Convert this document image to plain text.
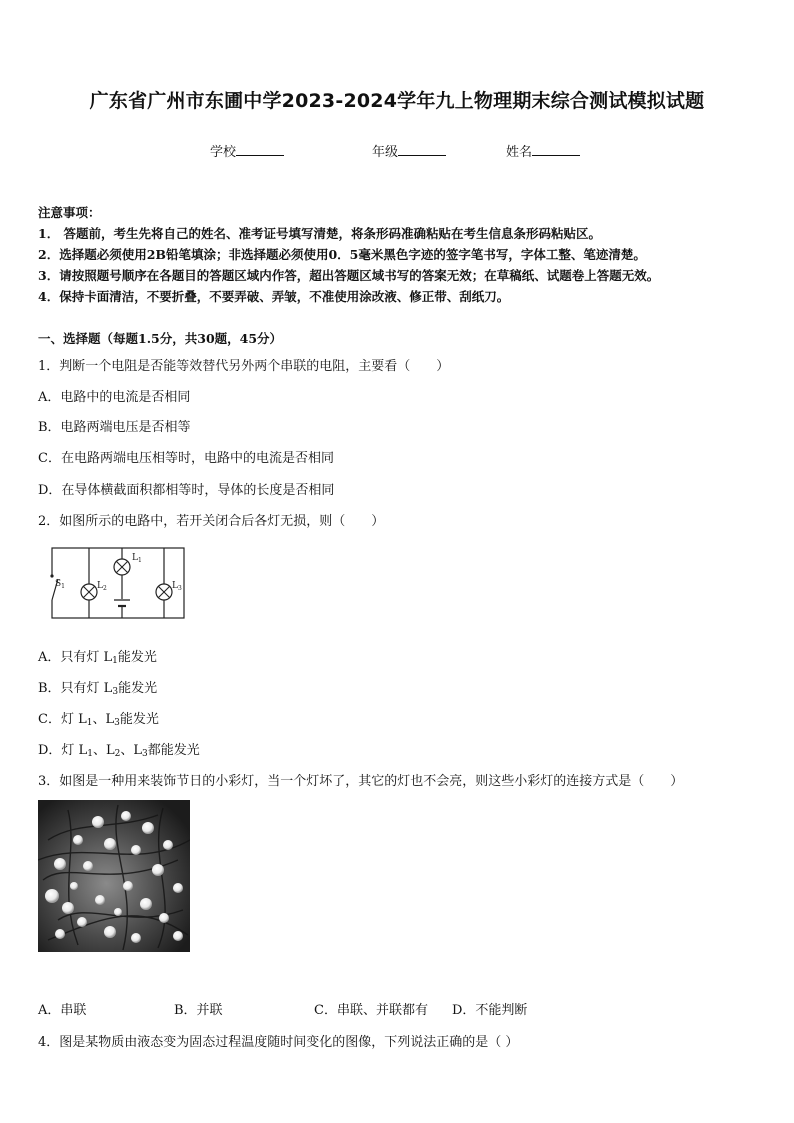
广东省广州市东圃中学2023-2024学年九上物理期末综合测试模拟试题
学校	年级	姓名
注意事项：
1． 答题前，考生先将自己的姓名、准考证号填写清楚，将条形码准确粘贴在考生信息条形码粘贴区。
2．选择题必须使用2B铅笔填涂；非选择题必须使用0．5毫米黑色字迹的签字笔书写，字体工整、笔迹清楚。
3．请按照题号顺序在各题目的答题区域内作答，超出答题区域书写的答案无效；在草稿纸、试题卷上答题无效。
4．保持卡面清洁，不要折叠，不要弄破、弄皱，不准使用涂改液、修正带、刮纸刀。
一、选择题（每题1.5分，共30题，45分）
1．判断一个电阻是否能等效替代另外两个串联的电阻，主要看（　　）
A．电路中的电流是否相同
B．电路两端电压是否相等
C．在电路两端电压相等时，电路中的电流是否相同
D．在导体横截面积都相等时，导体的长度是否相同
2．如图所示的电路中，若开关闭合后各灯无损，则（　　）
$S_1$	$L_2$
$L_1$
$L_3$
A．只有灯 $L_1$能发光
B．只有灯 $L_3$能发光
C．灯 $L_1$、$L_3$能发光
D．灯 $L_1$、$L_2$、$L_3$都能发光
3．如图是一种用来装饰节日的小彩灯，当一个灯坏了，其它的灯也不会亮，则这些小彩灯的连接方式是（　　）
A．串联	B．并联	C．串联、并联都有 D．不能判断
4．图是某物质由液态变为固态过程温度随时间变化的图像，下列说法正确的是（ ）
